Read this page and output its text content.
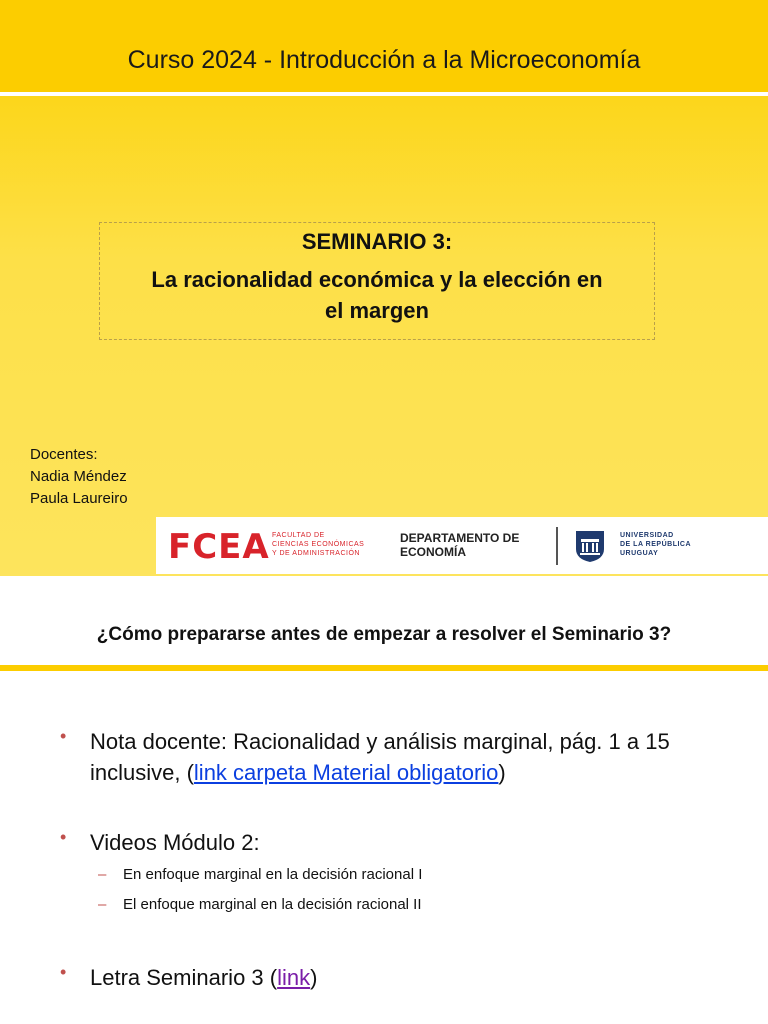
Curso 2024 - Introducción a la Microeconomía
SEMINARIO 3:
La racionalidad económica y la elección en
el margen
Docentes:
Nadia Méndez
Paula Laureiro
FCEA FACULTAD DE
CIENCIAS ECONÓMICAS
Y DE ADMINISTRACIÓN
DEPARTAMENTO DE
ECONOMÍA
UNIVERSIDAD
DE LA REPÚBLICA
URUGUAY
¿Cómo prepararse antes de empezar a resolver el Seminario 3?
• Nota docente: Racionalidad y análisis marginal, pág. 1 a 15 inclusive, (link carpeta Material obligatorio)
• Videos Módulo 2:
– En enfoque marginal en la decisión racional I
– El enfoque marginal en la decisión racional II
• Letra Seminario 3 (link)
